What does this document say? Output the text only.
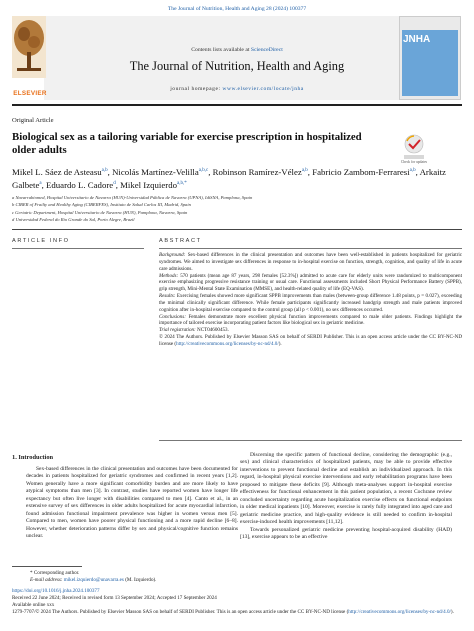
The Journal of Nutrition, Health and Aging 28 (2024) 100377
ELSEVIER
Contents lists available at ScienceDirect
The Journal of Nutrition, Health and Aging
journal homepage: www.elsevier.com/locate/jnha
JNHA
Original Article
Biological sex as a tailoring variable for exercise prescription in hospitalized older adults
Check for updates
Mikel L. Sáez de Asteasu$^{a,b}$, Nicolás Martínez-Velilla$^{a,b,c}$, Robinson Ramírez-Vélez$^{a,b}$, Fabricio Zambom-Ferraresi$^{a,b}$, Arkaitz Galbete$^a$, Eduardo L. Cadore$^d$, Mikel Izquierdo$^{a,b,*}$
a Navarrabiomed, Hospital Universitario de Navarra (HUN)-Universidad Pública de Navarra (UPNA), IdiSNA, Pamplona, Spain
b CIBER of Frailty and Healthy Aging (CIBERFES), Instituto de Salud Carlos III, Madrid, Spain
c Geriatric Department, Hospital Universitario de Navarra (HUN), Pamplona, Navarra, Spain
d Universidad Federal do Rio Grande do Sul, Porto Alegre, Brazil
ARTICLE INFO	ABSTRACT

Background: Sex-based differences in the clinical presentation and outcomes have been well-established in patients hospitalized for geriatric syndromes. We aimed to investigate sex differences in response to in-hospital exercise on function, strength, cognition, and quality of life in acute care admissions.

Methods: 570 patients (mean age 87 years, 298 females [52.3%]) admitted to acute care for elderly units were randomized to multicomponent exercise emphasizing progressive resistance training or usual care. Functional assessments included Short Physical Performance Battery (SPPB), grip strength, Mini-Mental State Examination (MMSE), and health-related quality of life (EQ-VAS).

Results: Exercising females showed more significant SPPB improvements than males (between-group difference 1.48 points, p = 0.027), exceeding the minimal clinically significant difference. While female participants significantly increased handgrip strength and male patients improved cognition after in-hospital exercise compared to the control group (all p < 0.001), no sex differences occurred.

Conclusions: Females demonstrate more excellent physical function improvements compared to male older patients. Findings highlight the importance of tailored exercise incorporating patient factors like biological sex in geriatric medicine.

Trial registration: NCT04600453.

© 2024 The Authors. Published by Elsevier Masson SAS on behalf of SERDI Publisher. This is an open access article under the CC BY-NC-ND license (http://creativecommons.org/licenses/by-nc-nd/4.0/).

1. Introduction

Sex-based differences in the clinical presentation and outcomes have been documented for decades in patients hospitalized for geriatric syndromes and confirmed in recent years [1,2]. Women generally have a more significant comorbidity burden and are more likely to have atypical symptoms than men [3]. In contrast, studies have reported women have longer life expectancy but often live longer with disabilities compared to men [4]. Canto et al., in an extensive survey of sex differences in older adults hospitalized for acute myocardial infarction, found admission functional impairment prevalence was higher in women versus men [5]. Compared to men, women have poorer physical functioning and a more rapid decline [6–8]. However, whether deterioration patterns differ by sex and physical/cognitive function remains unclear.

Discerning the specific pattern of functional decline, considering the demographic (e.g., sex) and clinical characteristics of hospitalized patients, may be able to provide effective interventions to prevent functional decline and establish an individualized approach. In this regard, in-hospital physical exercise interventions and early rehabilitation programs have been proposed to mitigate these deficits [9]. Although meta-analyses support in-hospital exercise effectiveness for functional enhancement in this patient population, a recent Cochrane review concluded uncertainty regarding acute hospitalization exercise effects on functional endpoints in older medical inpatients [10]. Moreover, exercise is rarely fully integrated into aged care and geriatric medicine practice, and high-quality evidence is still needed to confirm in-hospital exercise-induced health improvements [11,12].

Towards personalized geriatric medicine preventing hospital-acquired disability (HAD) [13], exercise appears to be an effective

* Corresponding author.
E-mail address: mikel.izquierdo@unavarra.es (M. Izquierdo).
https://doi.org/10.1016/j.jnha.2024.100377
Received 22 June 2024; Received in revised form 13 September 2024; Accepted 17 September 2024
Available online xxx
1279-7707/© 2024 The Authors. Published by Elsevier Masson SAS on behalf of SERDI Publisher. This is an open access article under the CC BY-NC-ND license (http://creativecommons.org/licenses/by-nc-nd/4.0/).
